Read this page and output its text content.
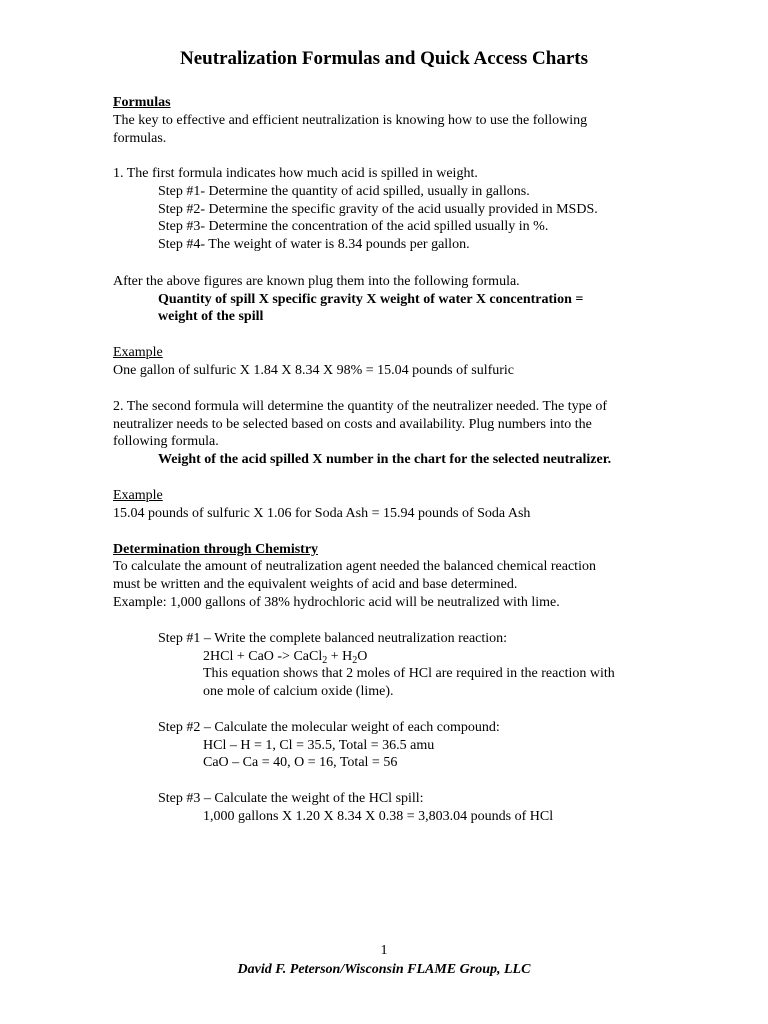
Neutralization Formulas and Quick Access Charts
Formulas
The key to effective and efficient neutralization is knowing how to use the following
formulas.
1. The first formula indicates how much acid is spilled in weight.
Step #1- Determine the quantity of acid spilled, usually in gallons.
Step #2- Determine the specific gravity of the acid usually provided in MSDS.
Step #3- Determine the concentration of the acid spilled usually in %.
Step #4- The weight of water is 8.34 pounds per gallon.
After the above figures are known plug them into the following formula.
Quantity of spill X specific gravity X weight of water X concentration =
weight of the spill
Example
One gallon of sulfuric X 1.84 X 8.34 X 98% = 15.04 pounds of sulfuric
2. The second formula will determine the quantity of the neutralizer needed. The type of
neutralizer needs to be selected based on costs and availability. Plug numbers into the
following formula.
Weight of the acid spilled X number in the chart for the selected neutralizer.
Example
15.04 pounds of sulfuric X 1.06 for Soda Ash = 15.94 pounds of Soda Ash
Determination through Chemistry
To calculate the amount of neutralization agent needed the balanced chemical reaction
must be written and the equivalent weights of acid and base determined.
Example: 1,000 gallons of 38% hydrochloric acid will be neutralized with lime.
Step #1 – Write the complete balanced neutralization reaction:
2HCl + CaO -> CaCl$_2$ + $H_2O$
This equation shows that 2 moles of HCl are required in the reaction with
one mole of calcium oxide (lime).
Step #2 – Calculate the molecular weight of each compound:
HCl – H = 1, Cl = 35.5, Total = 36.5 amu
CaO – Ca = 40, O = 16, Total = 56
Step #3 – Calculate the weight of the HCl spill:
1,000 gallons X 1.20 X 8.34 X 0.38 = 3,803.04 pounds of HCl
1
David F. Peterson/Wisconsin FLAME Group, LLC
